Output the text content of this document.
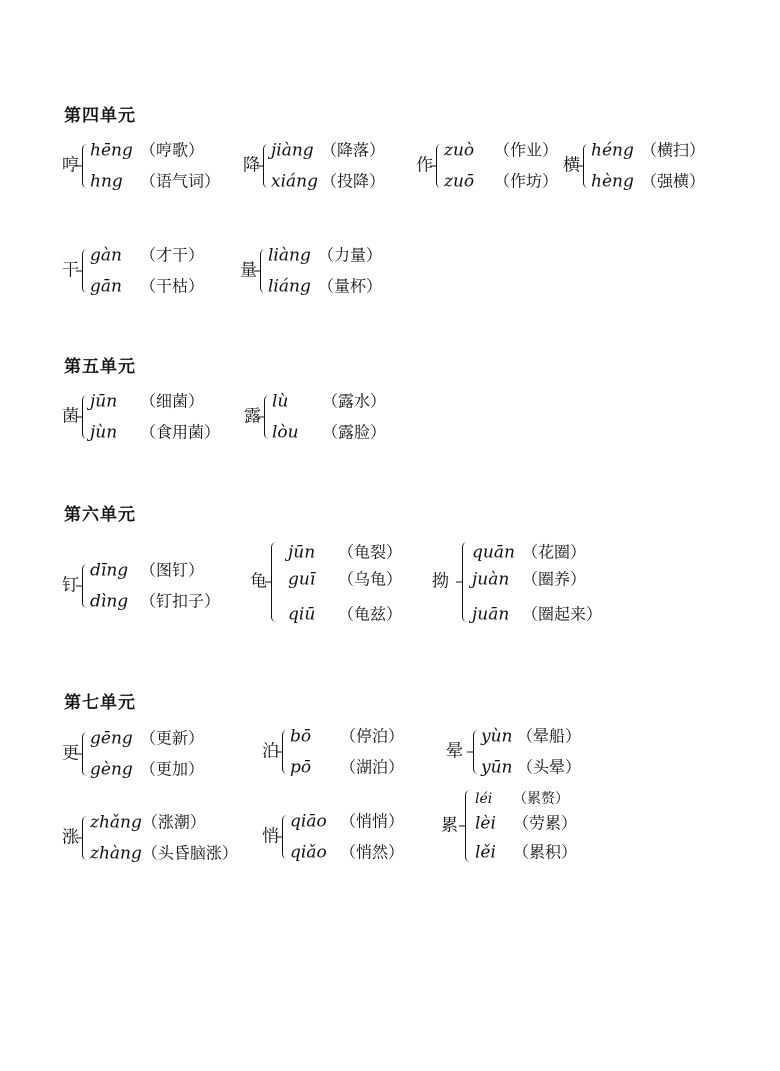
第四单元
哼
hēng （哼歌）
hng （语气词）
降
jiàng （降落）
xiáng （投降）
作
zuò （作业）
zuō （作坊）
横
héng （横扫）
hèng （强横）
干
gàn （才干）
gān （干枯）
量
liàng （力量）
liáng （量杯）
第五单元
菌
jūn （细菌）
jùn （食用菌）
露
lù （露水）
lòu （露脸）
第六单元
钉
dīng （图钉）
dìng （钉扣子）
龟
jūn （龟裂）
guī （乌龟）
qiū （龟兹）
拗
quān （花圈）
juàn （圈养）
juān （圈起来）
第七单元
更
gēng （更新）
gèng （更加）
泊
bō （停泊）
pō （湖泊）
晕
yùn （晕船）
yūn （头晕）
涨
zhǎng（涨潮）
zhàng（头昏脑涨）
悄
qiāo （悄悄）
qiǎo （悄然）
累
léi （累赘）
lèi （劳累）
lěi （累积）
